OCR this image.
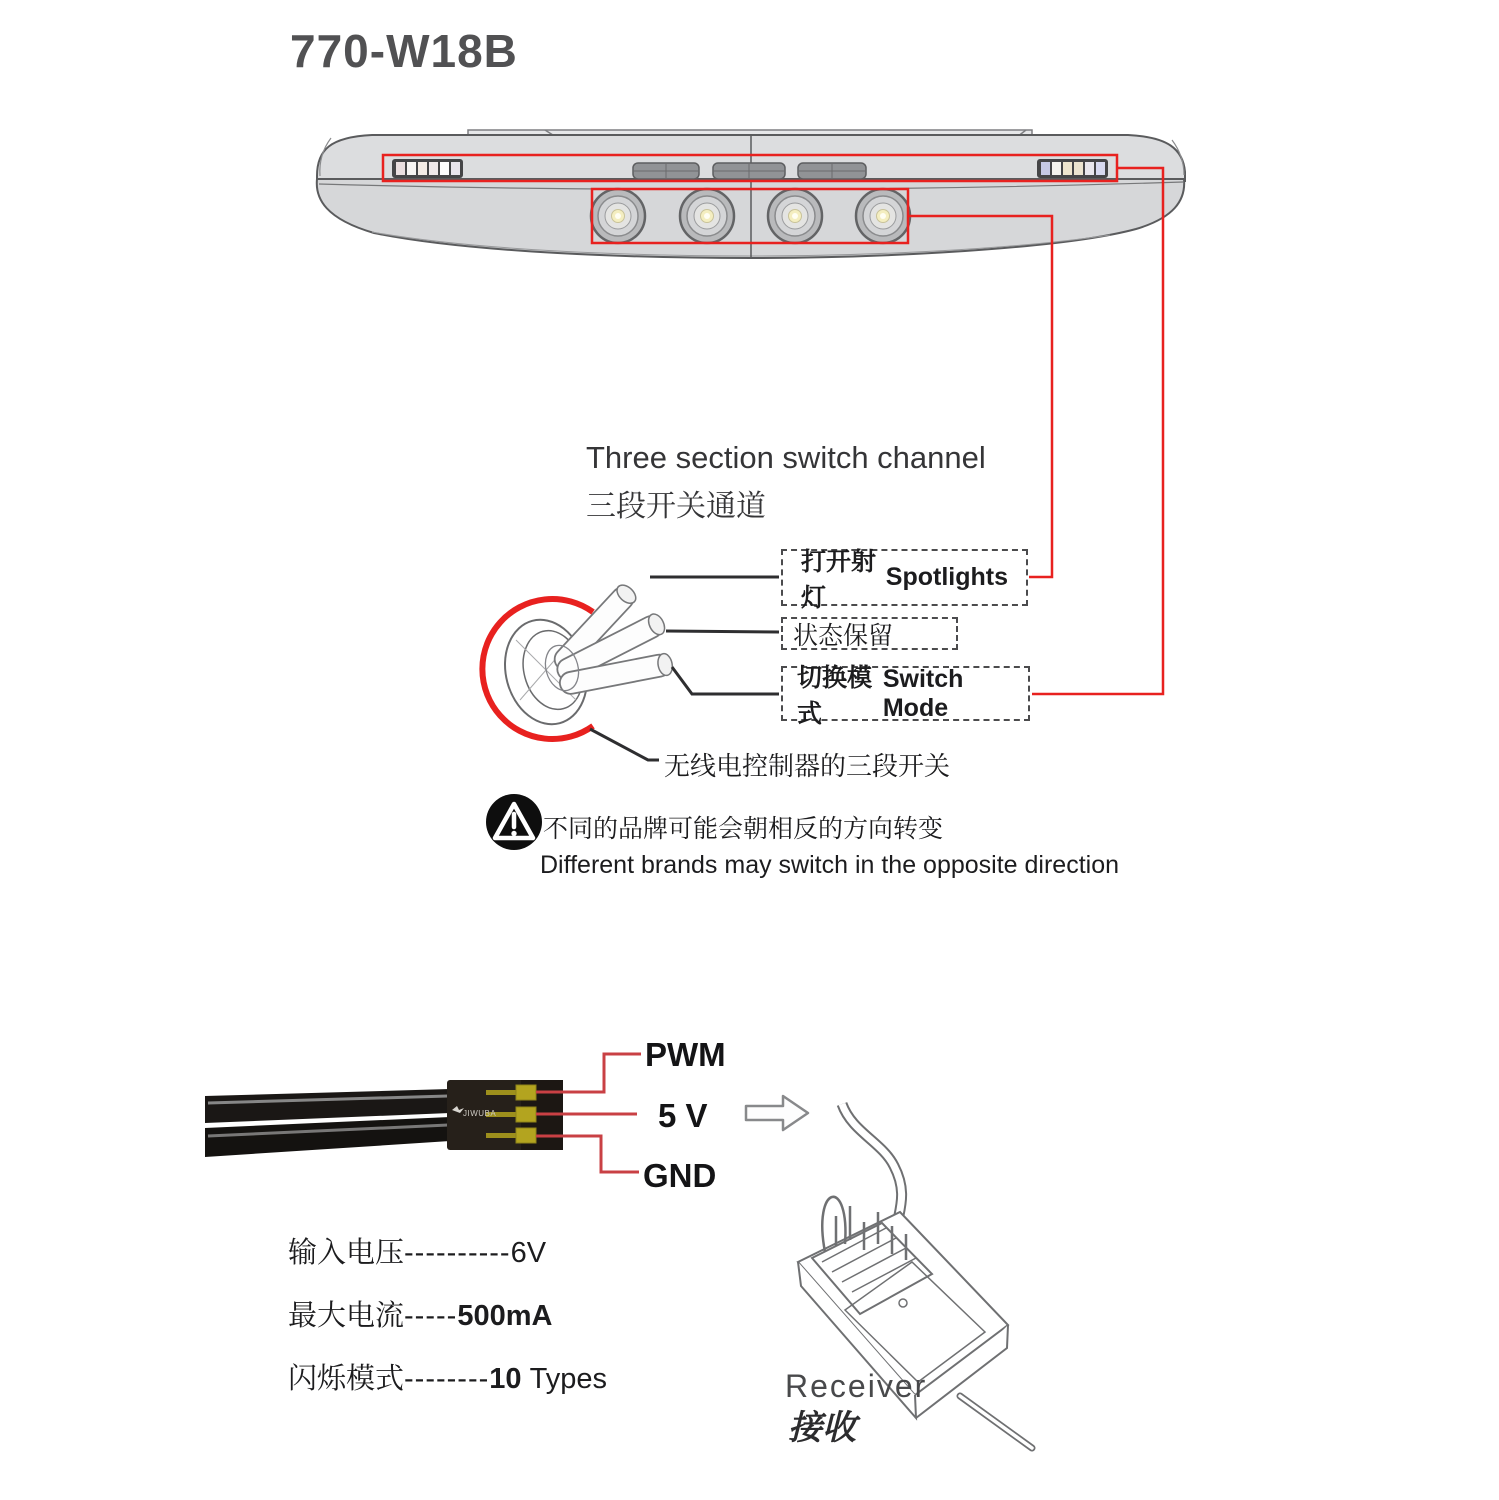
JIWUBA
770-W18B
Three section switch channel
三段开关通道
打开射灯
Spotlights
状态保留
切换模式
Switch Mode
无线电控制器的三段开关
不同的品牌可能会朝相反的方向转变
Different brands may switch in the opposite direction
PWM
5 V
GND
Receiver
接收
输入电压----------6V
最大电流-----500mA
闪烁模式--------10 Types
